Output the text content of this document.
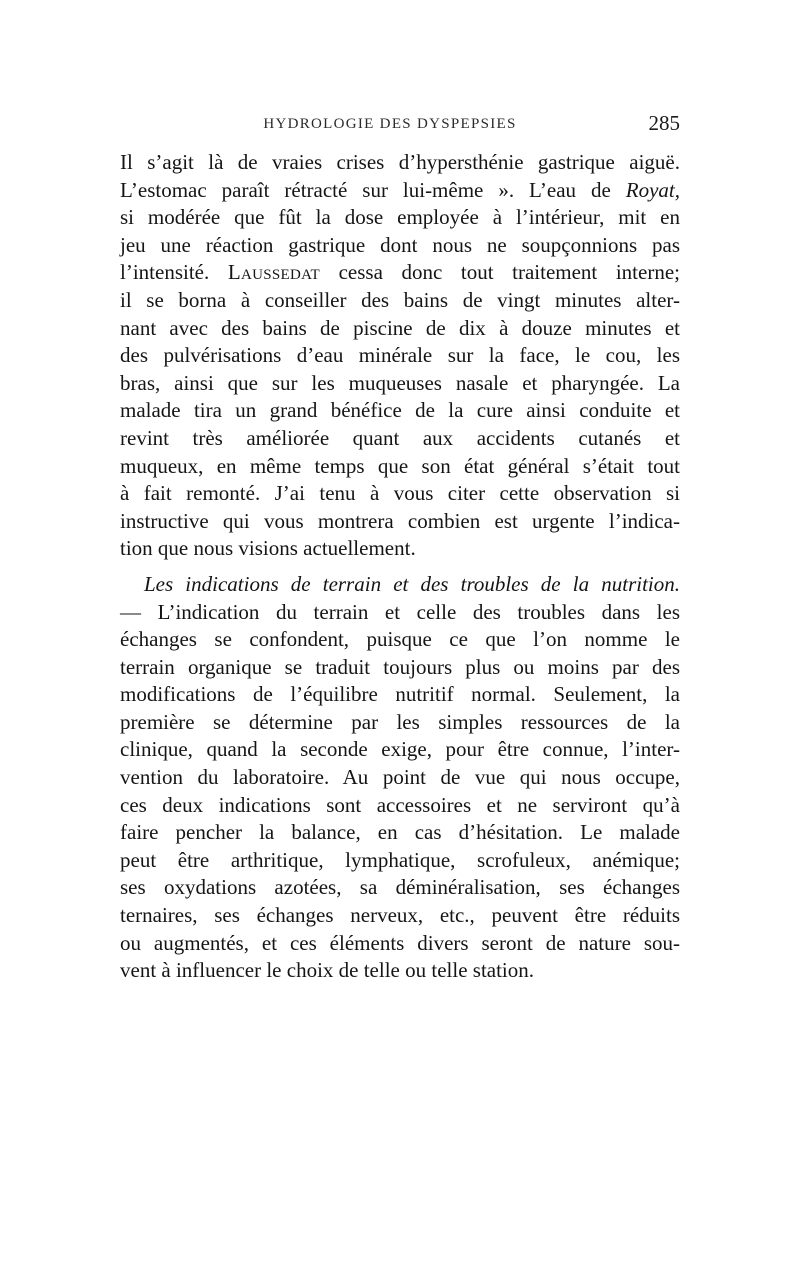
HYDROLOGIE DES DYSPEPSIES	285
Il s’agit là de vraies crises d’hypersthénie gastrique aiguë.
L’estomac paraît rétracté sur lui-même ». L’eau de Royat,
si modérée que fût la dose employée à l’intérieur, mit en
jeu une réaction gastrique dont nous ne soupçonnions pas
l’intensité. Laussedat cessa donc tout traitement interne;
il se borna à conseiller des bains de vingt minutes alter-
nant avec des bains de piscine de dix à douze minutes et
des pulvérisations d’eau minérale sur la face, le cou, les
bras, ainsi que sur les muqueuses nasale et pharyngée. La
malade tira un grand bénéfice de la cure ainsi conduite et
revint très améliorée quant aux accidents cutanés et
muqueux, en même temps que son état général s’était tout
à fait remonté. J’ai tenu à vous citer cette observation si
instructive qui vous montrera combien est urgente l’indica-
tion que nous visions actuellement.
Les indications de terrain et des troubles de la nutrition.
— L’indication du terrain et celle des troubles dans les
échanges se confondent, puisque ce que l’on nomme le
terrain organique se traduit toujours plus ou moins par des
modifications de l’équilibre nutritif normal. Seulement, la
première se détermine par les simples ressources de la
clinique, quand la seconde exige, pour être connue, l’inter-
vention du laboratoire. Au point de vue qui nous occupe,
ces deux indications sont accessoires et ne serviront qu’à
faire pencher la balance, en cas d’hésitation. Le malade
peut être arthritique, lymphatique, scrofuleux, anémique;
ses oxydations azotées, sa déminéralisation, ses échanges
ternaires, ses échanges nerveux, etc., peuvent être réduits
ou augmentés, et ces éléments divers seront de nature sou-
vent à influencer le choix de telle ou telle station.
